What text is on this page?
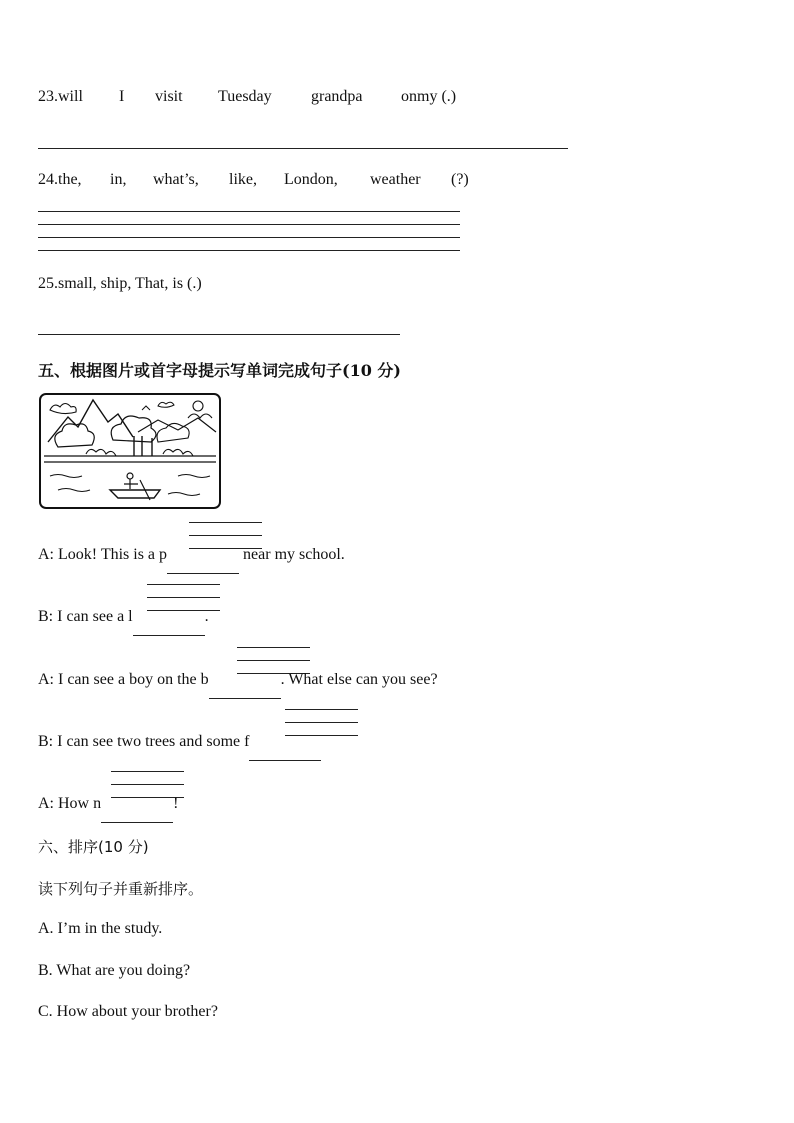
23.will I visit Tuesday grandpa onmy (.)
24.the, in, what’s, like, London, weather (?)
25.small, ship, That, is (.)
五、根据图片或首字母提示写单词完成句子(10 分)
A: Look! This is a p	near my school.
B: I can see a l	.
A: I can see a boy on the b	. What else can you see?
B: I can see two trees and some f
A: How n	!
六、排序(10 分)
读下列句子并重新排序。
A. I’m in the study.
B. What are you doing?
C. How about your brother?
